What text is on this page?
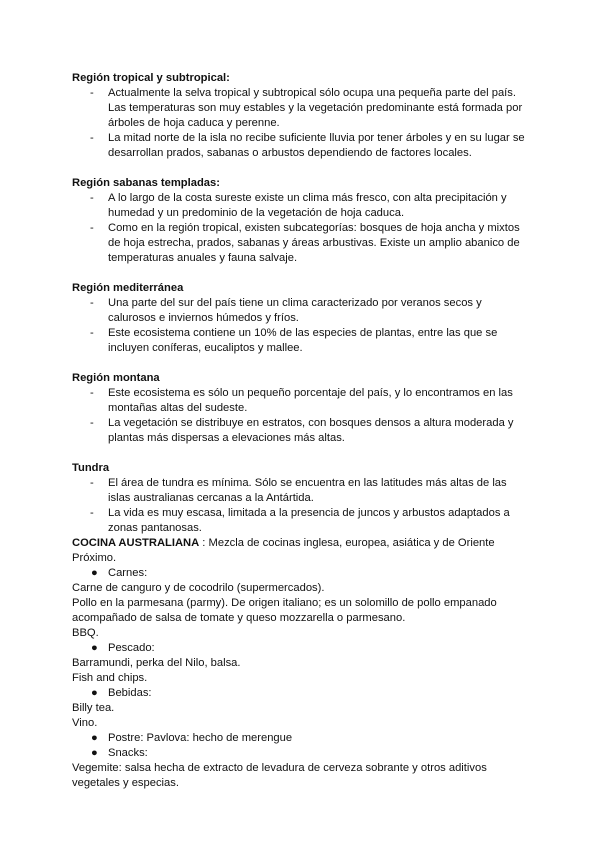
Región tropical y subtropical:

- Actualmente la selva tropical y subtropical sólo ocupa una pequeña parte del país. Las temperaturas son muy estables y la vegetación predominante está formada por árboles de hoja caduca y perenne.
- La mitad norte de la isla no recibe suficiente lluvia por tener árboles y en su lugar se desarrollan prados, sabanas o arbustos dependiendo de factores locales.

Región sabanas templadas:

- A lo largo de la costa sureste existe un clima más fresco, con alta precipitación y humedad y un predominio de la vegetación de hoja caduca.
- Como en la región tropical, existen subcategorías: bosques de hoja ancha y mixtos de hoja estrecha, prados, sabanas y áreas arbustivas. Existe un amplio abanico de temperaturas anuales y fauna salvaje.

Región mediterránea

- Una parte del sur del país tiene un clima caracterizado por veranos secos y calurosos e inviernos húmedos y fríos.
- Este ecosistema contiene un 10% de las especies de plantas, entre las que se incluyen coníferas, eucaliptos y mallee.

Región montana

- Este ecosistema es sólo un pequeño porcentaje del país, y lo encontramos en las montañas altas del sudeste.
- La vegetación se distribuye en estratos, con bosques densos a altura moderada y plantas más dispersas a elevaciones más altas.

Tundra

- El área de tundra es mínima. Sólo se encuentra en las latitudes más altas de las islas australianas cercanas a la Antártida.
- La vida es muy escasa, limitada a la presencia de juncos y arbustos adaptados a zonas pantanosas.

COCINA AUSTRALIANA : Mezcla de cocinas inglesa, europea, asiática y de Oriente Próximo.

● Carnes:

Carne de canguro y de cocodrilo (supermercados).

Pollo en la parmesana (parmy). De origen italiano; es un solomillo de pollo empanado acompañado de salsa de tomate y queso mozzarella o parmesano.

BBQ.

● Pescado:

Barramundi, perka del Nilo, balsa.

Fish and chips.

● Bebidas:

Billy tea.

Vino.

● Postre: Pavlova: hecho de merengue

● Snacks:

Vegemite: salsa hecha de extracto de levadura de cerveza sobrante y otros aditivos vegetales y especias.
